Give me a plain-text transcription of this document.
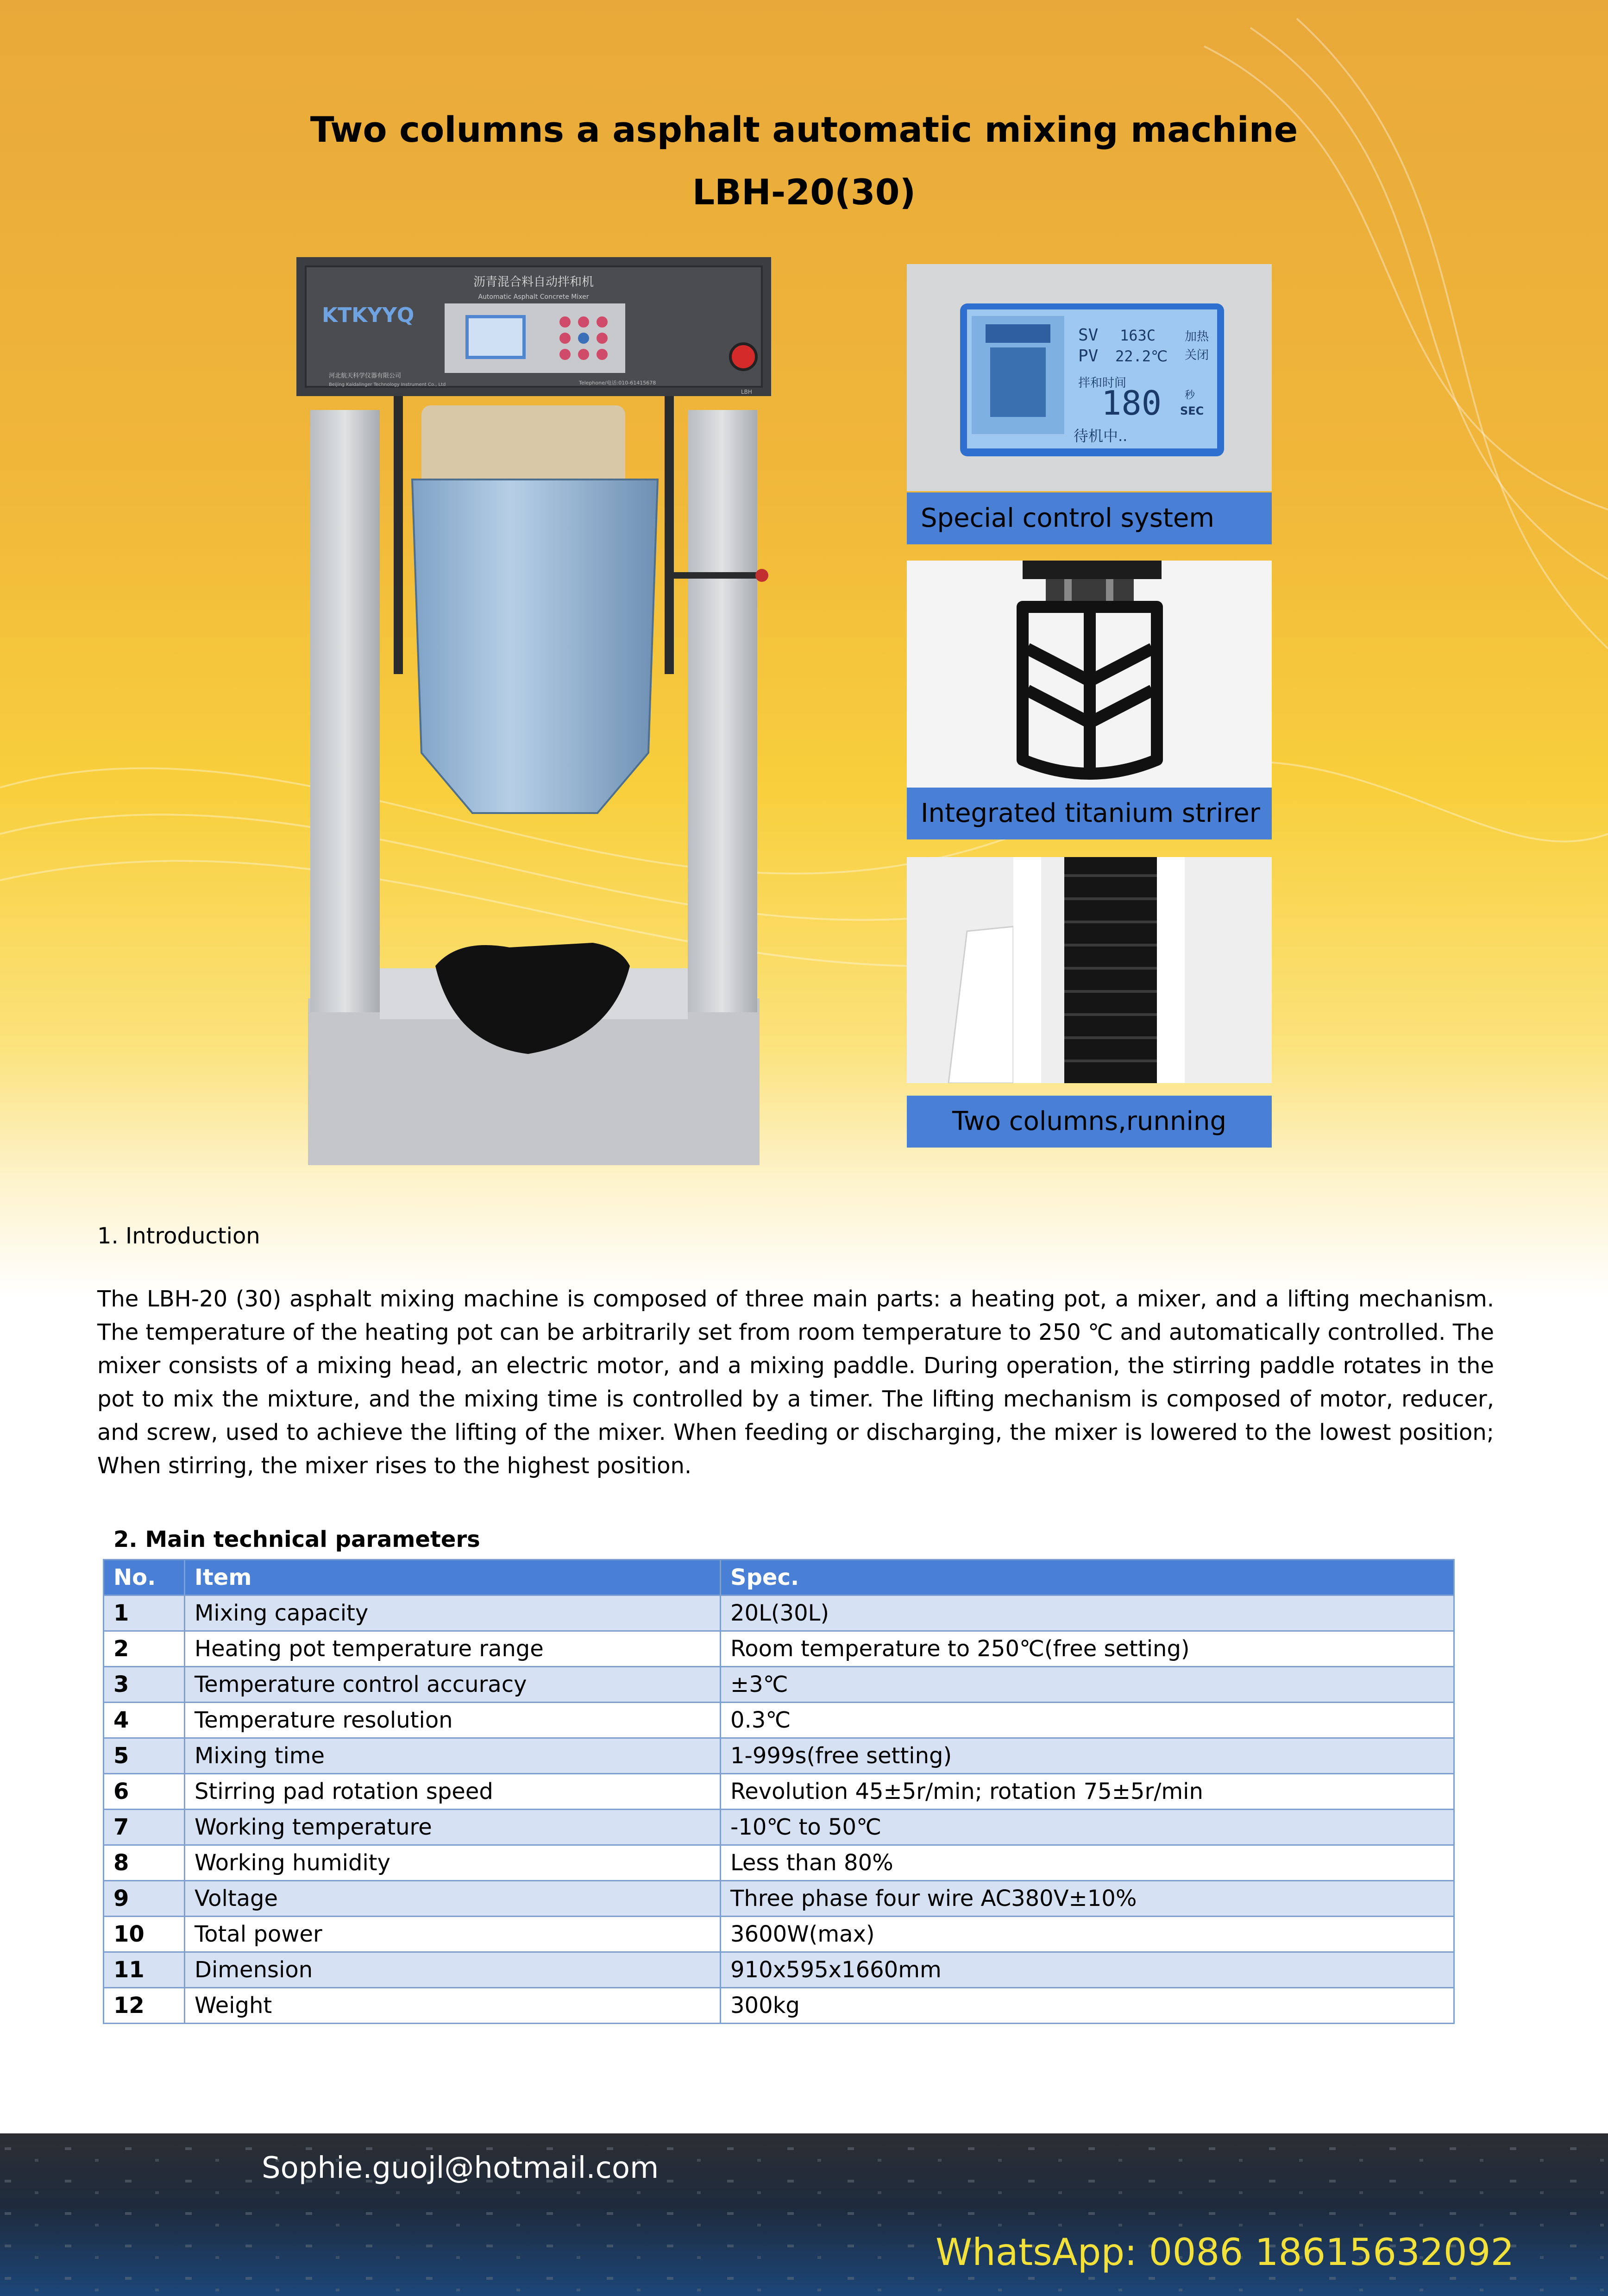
Two columns a asphalt automatic mixing machine
LBH-20(30)
KTKYYQ
沥青混合料自动拌和机
Automatic Asphalt Concrete Mixer
河北航天科学仪器有限公司
Beijing Kaidalinger Technology Instrument Co., Ltd	Telephone/电话:010-61415678
LBH
SV 163C
PV 22.2℃
加热
关闭
拌和时间
180 秒
SEC
待机中..
Special control system
Integrated titanium strirer
Two columns,running
1. Introduction

The LBH-20 (30) asphalt mixing machine is composed of three main parts: a heating pot, a mixer, and a lifting mechanism. The temperature of the heating pot can be arbitrarily set from room temperature to 250 ℃ and automatically controlled. The mixer consists of a mixing head, an electric motor, and a mixing paddle. During operation, the stirring paddle rotates in the pot to mix the mixture, and the mixing time is controlled by a timer. The lifting mechanism is composed of motor, reducer, and screw, used to achieve the lifting of the mixer. When feeding or discharging, the mixer is lowered to the lowest position; When stirring, the mixer rises to the highest position.

2. Main technical parameters
No.	Item	Spec.
1	Mixing capacity	20L(30L)
2	Heating pot temperature range	Room temperature to 250℃(free setting)
3	Temperature control accuracy	±3℃
4	Temperature resolution	0.3℃
5	Mixing time	1-999s(free setting)
6	Stirring pad rotation speed	Revolution 45±5r/min; rotation 75±5r/min
7	Working temperature	-10℃ to 50℃
8	Working humidity	Less than 80%
9	Voltage	Three phase four wire AC380V±10%
10	Total power	3600W(max)
11	Dimension	910x595x1660mm
12	Weight	300kg
Sophie.guojl@hotmail.com
WhatsApp: 0086 18615632092
